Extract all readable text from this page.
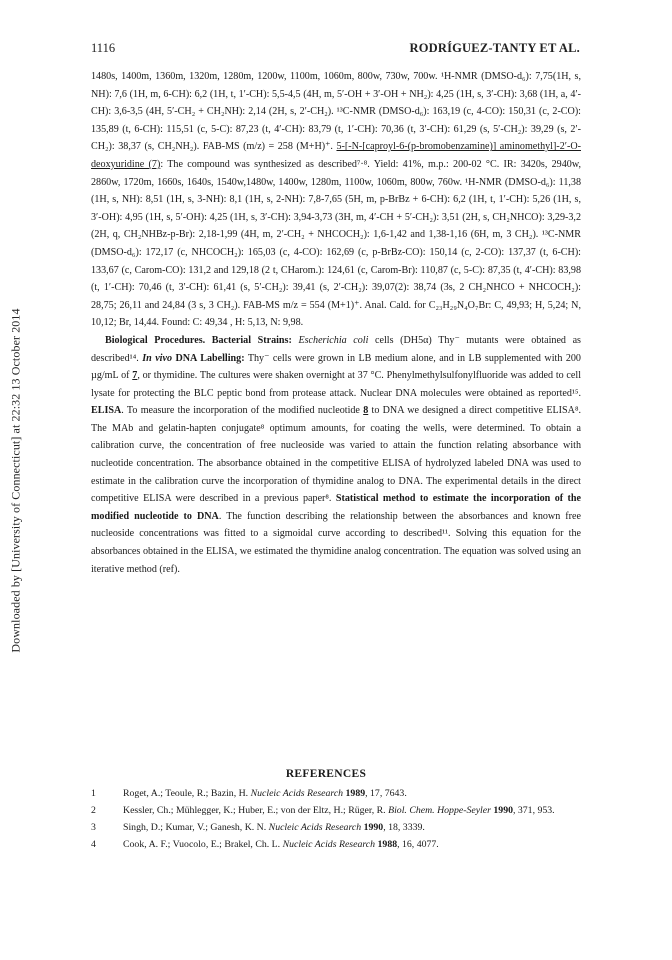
Downloaded by [University of Connecticut] at 22:32 13 October 2014
1116	RODRÍGUEZ-TANTY ET AL.

1480s, 1400m, 1360m, 1320m, 1280m, 1200w, 1100m, 1060m, 800w, 730w, 700w. ¹H-NMR (DMSO-d₆): 7,75(1H, s, NH): 7,6 (1H, m, 6-CH): 6,2 (1H, t, 1′-CH): 5,5-4,5 (4H, m, 5′-OH + 3′-OH + NH₂): 4,25 (1H, s, 3′-CH): 3,68 (1H, a, 4′-CH): 3,6-3,5 (4H, 5′-CH₂ + CH₂NH): 2,14 (2H, s, 2′-CH₂). ¹³C-NMR (DMSO-d₆): 163,19 (c, 4-CO): 150,31 (c, 2-CO): 135,89 (t, 6-CH): 115,51 (c, 5-C): 87,23 (t, 4′-CH): 83,79 (t, 1′-CH): 70,36 (t, 3′-CH): 61,29 (s, 5′-CH₂): 39,29 (s, 2′-CH₂): 38,37 (s, CH₂NH₂). FAB-MS (m/z) = 258 (M+H)⁺. 5-[-N-[caproyl-6-(p-bromobenzamine)] aminomethyl]-2′-O-deoxyuridine (7): The compound was synthesized as described⁷·⁸. Yield: 41%, m.p.: 200-02 °C. IR: 3420s, 2940w, 2860w, 1720m, 1660s, 1640s, 1540w,1480w, 1400w, 1280m, 1100w, 1060m, 800w, 760w. ¹H-NMR (DMSO-d₆): 11,38 (1H, s, NH): 8,51 (1H, s, 3-NH): 8,1 (1H, s, 2-NH): 7,8-7,65 (5H, m, p-BrBz + 6-CH): 6,2 (1H, t, 1′-CH): 5,26 (1H, s, 3′-OH): 4,95 (1H, s, 5′-OH): 4,25 (1H, s, 3′-CH): 3,94-3,73 (3H, m, 4′-CH + 5′-CH₂): 3,51 (2H, s, CH₂NHCO): 3,29-3,2 (2H, q, CH₂NHBz-p-Br): 2,18-1,99 (4H, m, 2′-CH₂ + NHCOCH₂): 1,6-1,42 and 1,38-1,16 (6H, m, 3 CH₂). ¹³C-NMR (DMSO-d₆): 172,17 (c, NHCOCH₂): 165,03 (c, 4-CO): 162,69 (c, p-BrBz-CO): 150,14 (c, 2-CO): 137,37 (t, 6-CH): 133,67 (c, Carom-CO): 131,2 and 129,18 (2 t, CHarom.): 124,61 (c, Carom-Br): 110,87 (c, 5-C): 87,35 (t, 4′-CH): 83,98 (t, 1′-CH): 70,46 (t, 3′-CH): 61,41 (s, 5′-CH₂): 39,41 (s, 2′-CH₂): 39,07(2): 38,74 (3s, 2 CH₂NHCO + NHCOCH₂): 28,75; 26,11 and 24,84 (3 s, 3 CH₂). FAB-MS m/z = 554 (M+1)⁺. Anal. Cald. for C₂₃H₂₉N₄O₇Br: C, 49,93; H, 5,24; N, 10,12; Br, 14,44. Found: C: 49,34 , H: 5,13, N: 9,98.

Biological Procedures. Bacterial Strains: Escherichia coli cells (DH5α) Thy⁻ mutants were obtained as described¹⁴. In vivo DNA Labelling: Thy⁻ cells were grown in LB medium alone, and in LB supplemented with 200 µg/mL of 7, or thymidine. The cultures were shaken overnight at 37 °C. Phenylmethylsulfonylfluoride was added to cell lysate for protecting the BLC peptic bond from protease attack. Nuclear DNA molecules were obtained as reported¹⁵. ELISA. To measure the incorporation of the modified nucleotide 8 to DNA we designed a direct competitive ELISA⁸. The MAb and gelatin-hapten conjugate⁸ optimum amounts, for coating the wells, were determined. To obtain a calibration curve, the concentration of free nucleoside was varied to attain the function relating absorbance with nucleotide concentration. The absorbance obtained in the competitive ELISA of hydrolyzed labeled DNA was used to estimate in the calibration curve the incorporation of thymidine analog to DNA. The experimental details in the direct competitive ELISA were described in a previous paper⁸. Statistical method to estimate the incorporation of the modified nucleotide to DNA. The function describing the relationship between the absorbances and known free nucleoside concentrations was fitted to a sigmoidal curve according to described¹¹. Solving this equation for the absorbances obtained in the ELISA, we estimated the thymidine analog concentration. The equation was solved using an iterative method (ref).

REFERENCES
1	Roget, A.; Teoule, R.; Bazin, H. Nucleic Acids Research 1989, 17, 7643.
2	Kessler, Ch.; Mühlegger, K.; Huber, E.; von der Eltz, H.; Rüger, R. Biol. Chem. Hoppe-Seyler 1990, 371, 953.
3	Singh, D.; Kumar, V.; Ganesh, K. N. Nucleic Acids Research 1990, 18, 3339.
4	Cook, A. F.; Vuocolo, E.; Brakel, Ch. L. Nucleic Acids Research 1988, 16, 4077.
